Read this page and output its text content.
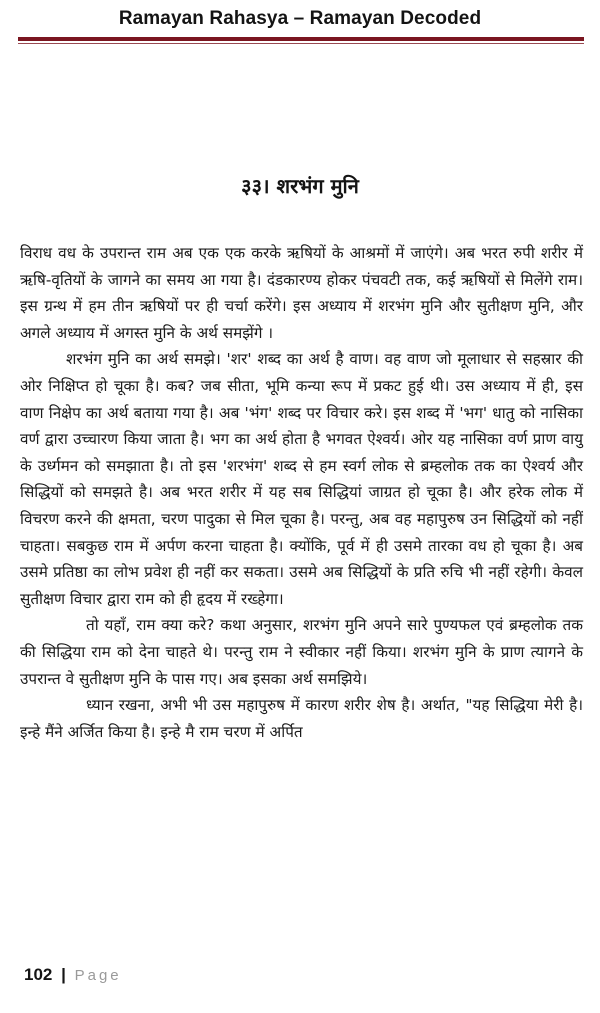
Ramayan Rahasya – Ramayan Decoded
३३। शरभंग मुनि

विराध वध के उपरान्त राम अब एक एक करके ऋषियों के आश्रमों में जाएंगे। अब भरत रुपी शरीर में ऋषि-वृतियों के जागने का समय आ गया है। दंडकारण्य होकर पंचवटी तक, कई ऋषियों से मिलेंगे राम। इस ग्रन्थ में हम तीन ऋषियों पर ही चर्चा करेंगे। इस अध्याय में शरभंग मुनि और सुतीक्षण मुनि, और अगले अध्याय में अगस्त मुनि के अर्थ समझेंगे ।

शरभंग मुनि का अर्थ समझे। 'शर' शब्द का अर्थ है वाण। वह वाण जो मूलाधार से सहस्रार की ओर निक्षिप्त हो चूका है। कब? जब सीता, भूमि कन्या रूप में प्रकट हुई थी। उस अध्याय में ही, इस वाण निक्षेप का अर्थ बताया गया है। अब 'भंग' शब्द पर विचार करे। इस शब्द में 'भग' धातु को नासिका वर्ण द्वारा उच्चारण किया जाता है। भग का अर्थ होता है भगवत ऐश्वर्य। ओर यह नासिका वर्ण प्राण वायु के उर्ध्गमन को समझाता है। तो इस 'शरभंग' शब्द से हम स्वर्ग लोक से ब्रम्हलोक तक का ऐश्वर्य और सिद्धियों को समझते है। अब भरत शरीर में यह सब सिद्धियां जाग्रत हो चूका है। और हरेक लोक में विचरण करने की क्षमता, चरण पादुका से मिल चूका है। परन्तु, अब वह महापुरुष उन सिद्धियों को नहीं चाहता। सबकुछ राम में अर्पण करना चाहता है। क्योंकि, पूर्व में ही उसमे तारका वध हो चूका है। अब उसमे प्रतिष्ठा का लोभ प्रवेश ही नहीं कर सकता। उसमे अब सिद्धियों के प्रति रुचि भी नहीं रहेगी। केवल सुतीक्षण विचार द्वारा राम को ही हृदय में रख्हेगा।

तो यहाँ, राम क्या करे? कथा अनुसार, शरभंग मुनि अपने सारे पुण्यफल एवं ब्रम्हलोक तक की सिद्धिया राम को देना चाहते थे। परन्तु राम ने स्वीकार नहीं किया। शरभंग मुनि के प्राण त्यागने के उपरान्त वे सुतीक्षण मुनि के पास गए। अब इसका अर्थ समझिये।

ध्यान रखना, अभी भी उस महापुरुष में कारण शरीर शेष है। अर्थात, "यह सिद्धिया मेरी है। इन्हे मैंने अर्जित किया है। इन्हे मै राम चरण में अर्पित

102 | Page
